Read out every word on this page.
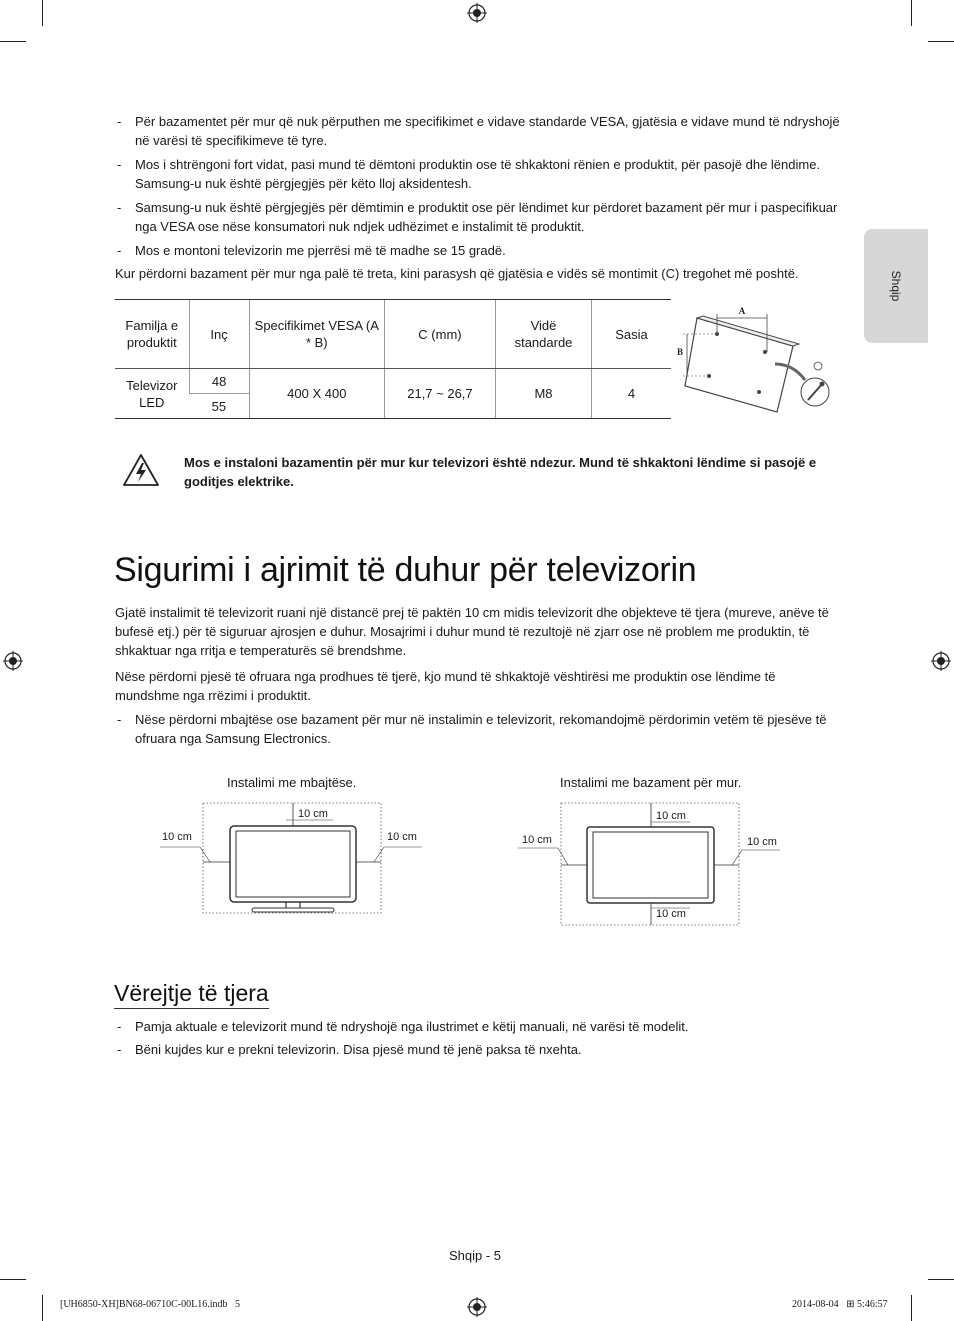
Shqip
- Për bazamentet për mur që nuk përputhen me specifikimet e vidave standarde VESA, gjatësia e vidave mund të ndryshojë në varësi të specifikimeve të tyre.
- Mos i shtrëngoni fort vidat, pasi mund të dëmtoni produktin ose të shkaktoni rënien e produktit, për pasojë dhe lëndime. Samsung-u nuk është përgjegjës për këto lloj aksidentesh.
- Samsung-u nuk është përgjegjës për dëmtimin e produktit ose për lëndimet kur përdoret bazament për mur i paspecifikuar nga VESA ose nëse konsumatori nuk ndjek udhëzimet e instalimit të produktit.
- Mos e montoni televizorin me pjerrësi më të madhe se 15 gradë.
Kur përdorni bazament për mur nga palë të treta, kini parasysh që gjatësia e vidës së montimit (C) tregohet më poshtë.
Familja e produktit	Inç	Specifikimet VESA (A * B)	C (mm)	Vidë standarde	Sasia
Televizor LED	48	400 X 400	21,7 ~ 26,7	M8	4
	55				
A
B
Mos e instaloni bazamentin për mur kur televizori është ndezur. Mund të shkaktoni lëndime si pasojë e goditjes elektrike.
Sigurimi i ajrimit të duhur për televizorin
Gjatë instalimit të televizorit ruani një distancë prej të paktën 10 cm midis televizorit dhe objekteve të tjera (mureve, anëve të bufesë etj.) për të siguruar ajrosjen e duhur. Mosajrimi i duhur mund të rezultojë në zjarr ose në problem me produktin, të shkaktuar nga rritja e temperaturës së brendshme.
Nëse përdorni pjesë të ofruara nga prodhues të tjerë, kjo mund të shkaktojë vështirësi me produktin ose lëndime të mundshme nga rrëzimi i produktit.
- Nëse përdorni mbajtëse ose bazament për mur në instalimin e televizorit, rekomandojmë përdorimin vetëm të pjesëve të ofruara nga Samsung Electronics.
Instalimi me mbajtëse.	Instalimi me bazament për mur.
10 cm
10 cm	10 cm
10 cm
10 cm	10 cm
10 cm
Vërejtje të tjera
- Pamja aktuale e televizorit mund të ndryshojë nga ilustrimet e këtij manuali, në varësi të modelit.
- Bëni kujdes kur e prekni televizorin. Disa pjesë mund të jenë paksa të nxehta.
Shqip - 5
[UH6850-XH]BN68-06710C-00L16.indb   5	2014-08-04   ⊞ 5:46:57
